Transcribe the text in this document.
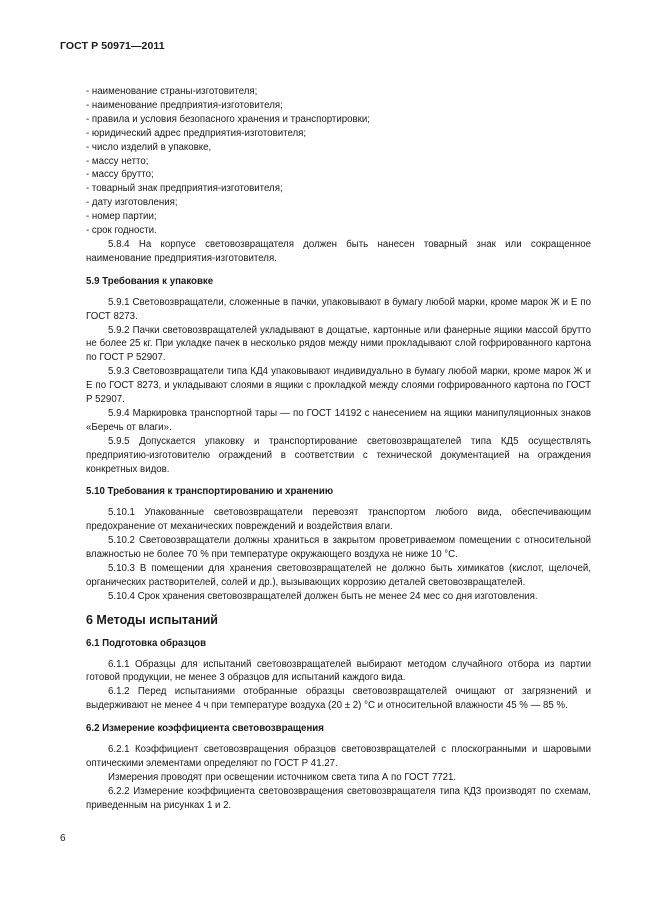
ГОСТ Р 50971—2011

- наименование страны-изготовителя;

- наименование предприятия-изготовителя;

- правила и условия безопасного хранения и транспортировки;

- юридический адрес предприятия-изготовителя;

- число изделий в упаковке,

- массу нетто;

- массу брутто;

- товарный знак предприятия-изготовителя;

- дату изготовления;

- номер партии;

- срок годности.

5.8.4 На корпусе световозвращателя должен быть нанесен товарный знак или сокращенное наименование предприятия-изготовителя.

5.9 Требования к упаковке

5.9.1 Световозвращатели, сложенные в пачки, упаковывают в бумагу любой марки, кроме марок Ж и Е по ГОСТ 8273.

5.9.2 Пачки световозвращателей укладывают в дощатые, картонные или фанерные ящики массой брутто не более 25 кг. При укладке пачек в несколько рядов между ними прокладывают слой гофрированного картона по ГОСТ Р 52907.

5.9.3 Световозвращатели типа КД4 упаковывают индивидуально в бумагу любой марки, кроме марок Ж и Е по ГОСТ 8273, и укладывают слоями в ящики с прокладкой между слоями гофрированного картона по ГОСТ Р 52907.

5.9.4 Маркировка транспортной тары — по ГОСТ 14192 с нанесением на ящики манипуляционных знаков «Беречь от влаги».

5.9.5 Допускается упаковку и транспортирование световозвращателей типа КД5 осуществлять предприятию-изготовителю ограждений в соответствии с технической документацией на ограждения конкретных видов.

5.10 Требования к транспортированию и хранению

5.10.1 Упакованные световозвращатели перевозят транспортом любого вида, обеспечивающим предохранение от механических повреждений и воздействия влаги.

5.10.2 Световозвращатели должны храниться в закрытом проветриваемом помещении с относительной влажностью не более 70 % при температуре окружающего воздуха не ниже 10 °С.

5.10.3 В помещении для хранения световозвращателей не должно быть химикатов (кислот, щелочей, органических растворителей, солей и др.), вызывающих коррозию деталей световозвращателей.

5.10.4 Срок хранения световозвращателей должен быть не менее 24 мес со дня изготовления.

6 Методы испытаний
6.1 Подготовка образцов

6.1.1 Образцы для испытаний световозвращателей выбирают методом случайного отбора из партии готовой продукции, не менее 3 образцов для испытаний каждого вида.

6.1.2 Перед испытаниями отобранные образцы световозвращателей очищают от загрязнений и выдерживают не менее 4 ч при температуре воздуха (20 ± 2) °С и относительной влажности 45 % — 85 %.

6.2 Измерение коэффициента световозвращения

6.2.1 Коэффициент световозвращения образцов световозвращателей с плоскогранными и шаровыми оптическими элементами определяют по ГОСТ Р 41.27.

Измерения проводят при освещении источником света типа А по ГОСТ 7721.

6.2.2 Измерение коэффициента световозвращения световозвращателя типа КД3 производят по схемам, приведенным на рисунках 1 и 2.

6
